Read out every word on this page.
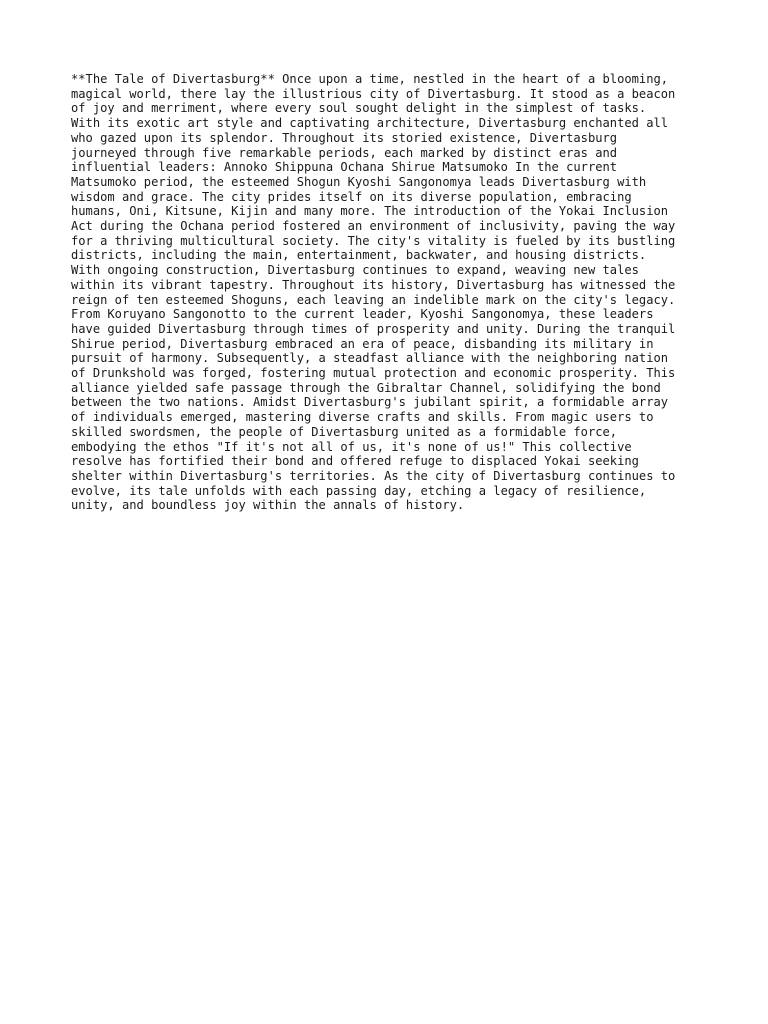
**The Tale of Divertasburg** Once upon a time, nestled in the heart of a blooming,
magical world, there lay the illustrious city of Divertasburg. It stood as a beacon
of joy and merriment, where every soul sought delight in the simplest of tasks.
With its exotic art style and captivating architecture, Divertasburg enchanted all
who gazed upon its splendor. Throughout its storied existence, Divertasburg
journeyed through five remarkable periods, each marked by distinct eras and
influential leaders: Annoko Shippuna Ochana Shirue Matsumoko In the current
Matsumoko period, the esteemed Shogun Kyoshi Sangonomya leads Divertasburg with
wisdom and grace. The city prides itself on its diverse population, embracing
humans, Oni, Kitsune, Kijin and many more. The introduction of the Yokai Inclusion
Act during the Ochana period fostered an environment of inclusivity, paving the way
for a thriving multicultural society. The city's vitality is fueled by its bustling
districts, including the main, entertainment, backwater, and housing districts.
With ongoing construction, Divertasburg continues to expand, weaving new tales
within its vibrant tapestry. Throughout its history, Divertasburg has witnessed the
reign of ten esteemed Shoguns, each leaving an indelible mark on the city's legacy.
From Koruyano Sangonotto to the current leader, Kyoshi Sangonomya, these leaders
have guided Divertasburg through times of prosperity and unity. During the tranquil
Shirue period, Divertasburg embraced an era of peace, disbanding its military in
pursuit of harmony. Subsequently, a steadfast alliance with the neighboring nation
of Drunkshold was forged, fostering mutual protection and economic prosperity. This
alliance yielded safe passage through the Gibraltar Channel, solidifying the bond
between the two nations. Amidst Divertasburg's jubilant spirit, a formidable array
of individuals emerged, mastering diverse crafts and skills. From magic users to
skilled swordsmen, the people of Divertasburg united as a formidable force,
embodying the ethos "If it's not all of us, it's none of us!" This collective
resolve has fortified their bond and offered refuge to displaced Yokai seeking
shelter within Divertasburg's territories. As the city of Divertasburg continues to
evolve, its tale unfolds with each passing day, etching a legacy of resilience,
unity, and boundless joy within the annals of history.
